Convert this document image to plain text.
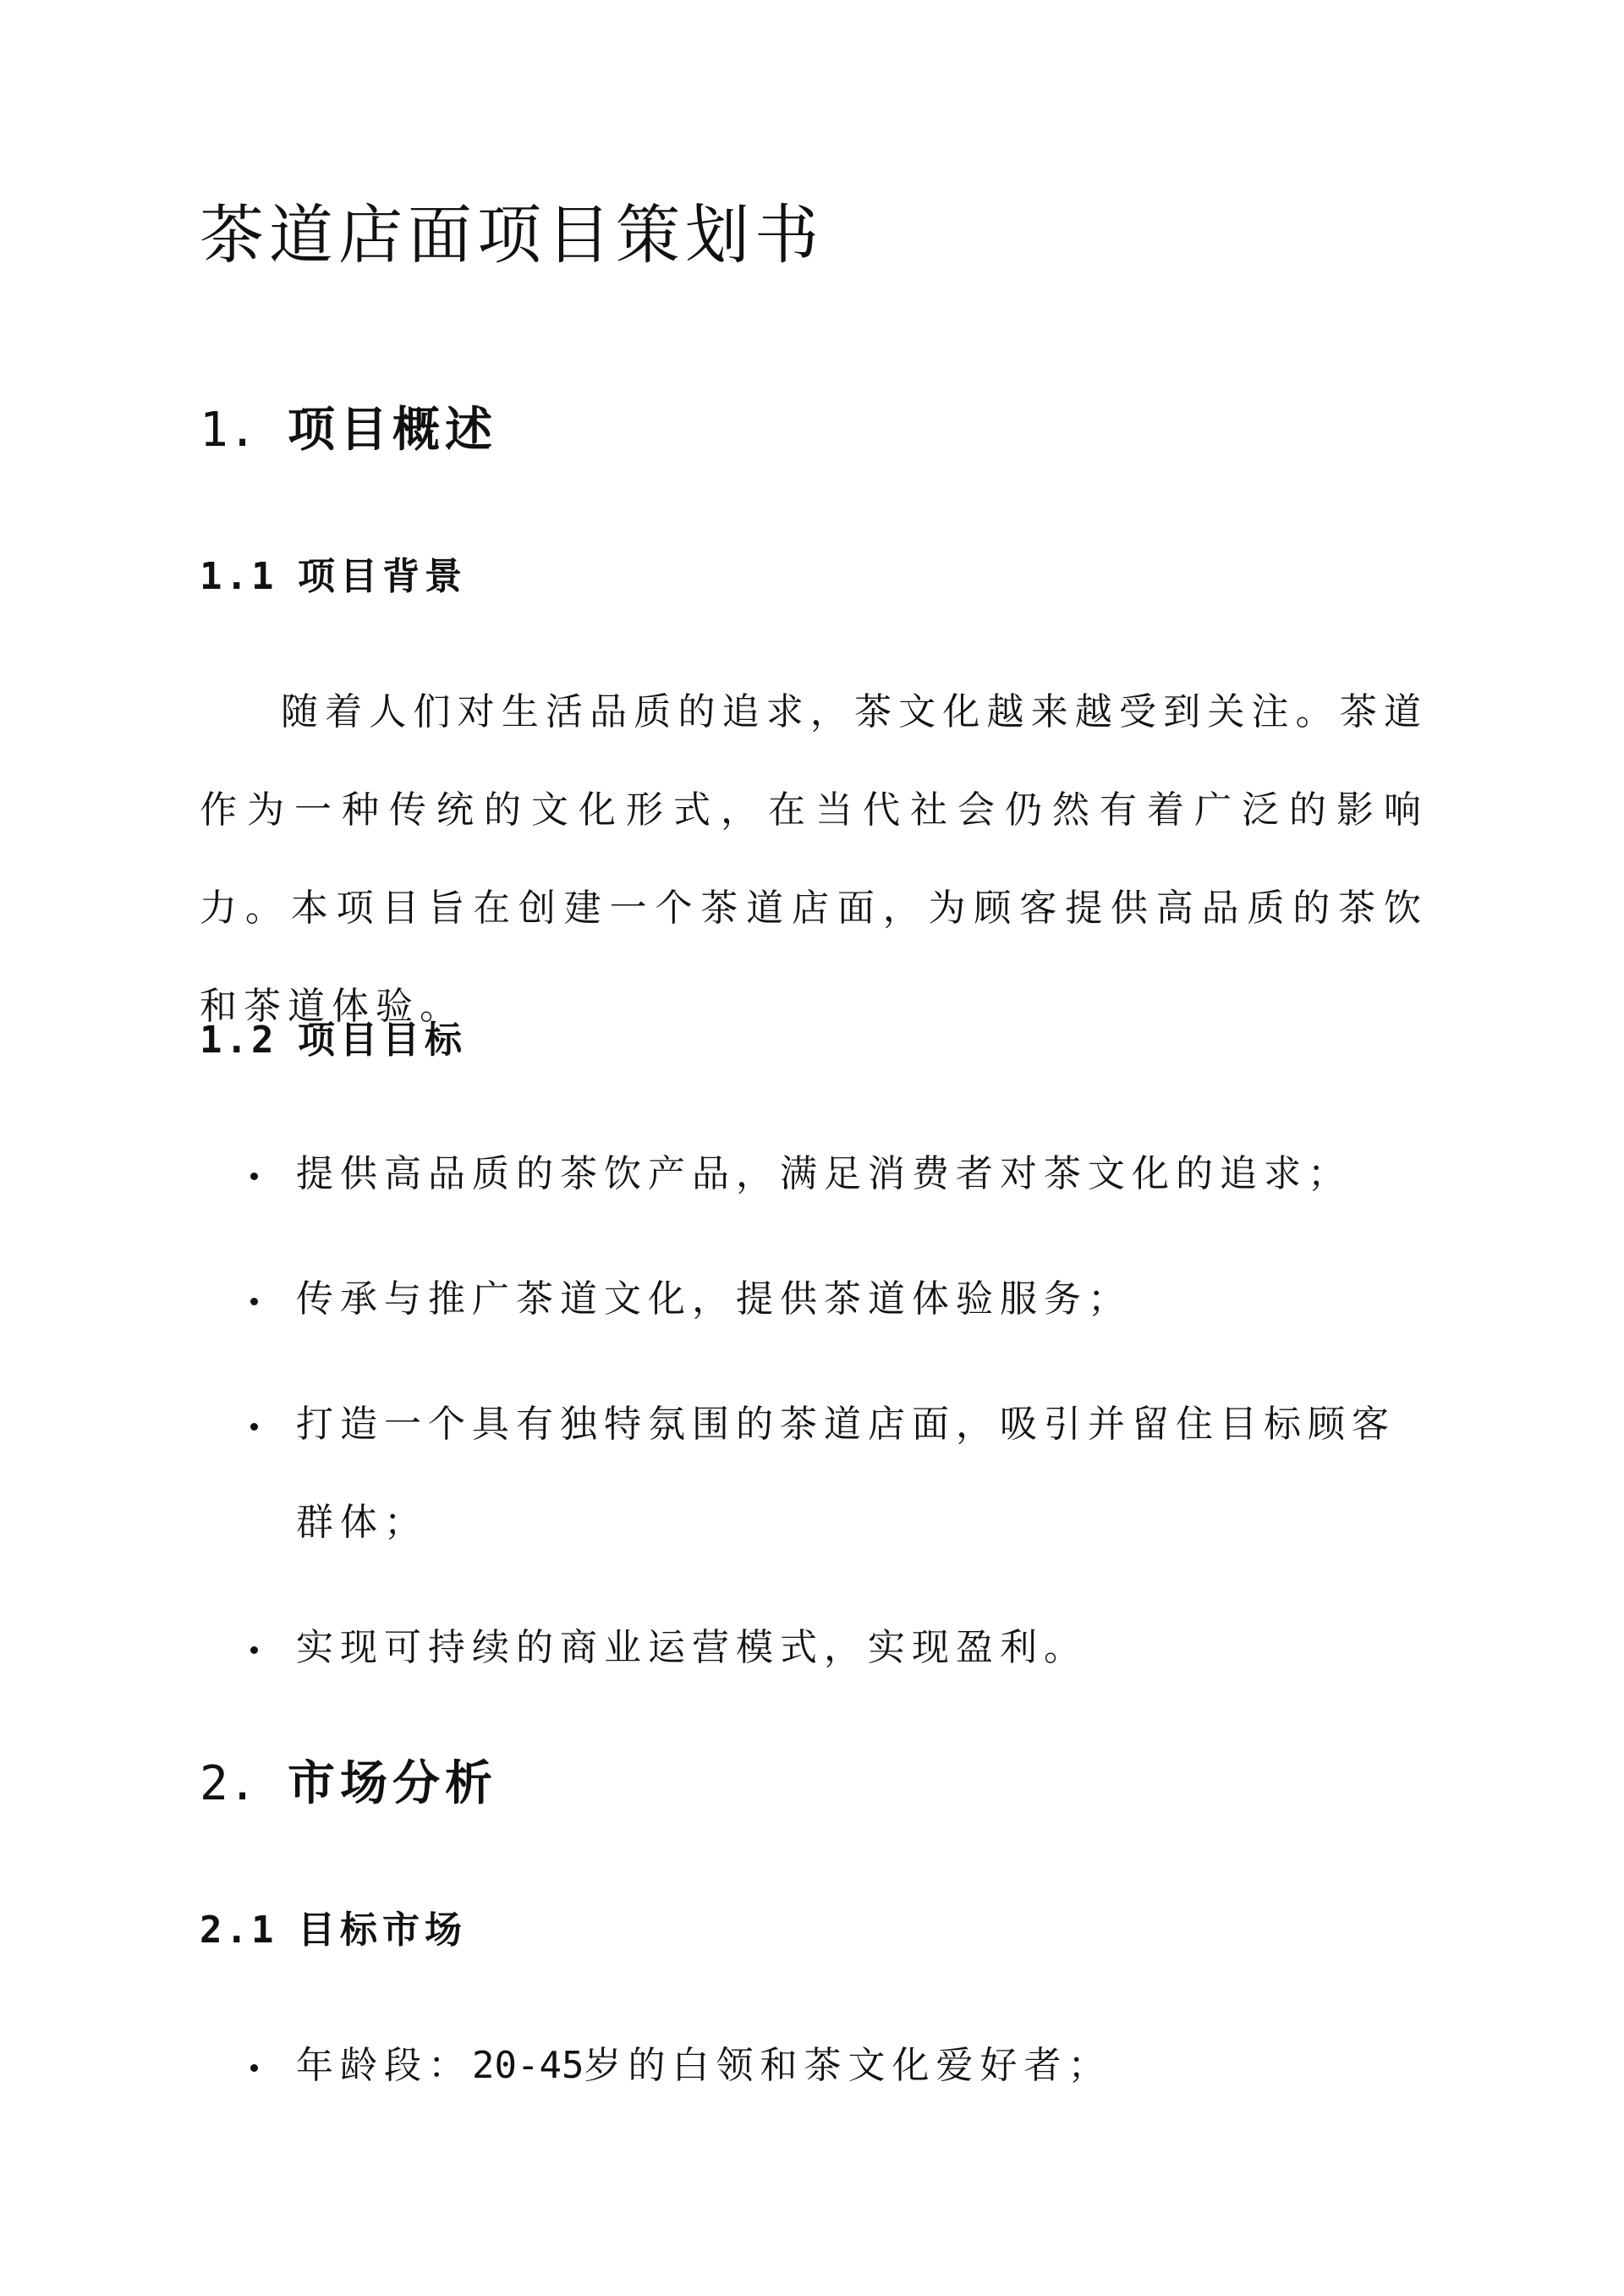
茶道店面项目策划书
1. 项目概述
1.1 项目背景

随着人们对生活品质的追求，茶文化越来越受到关注。茶道作为一种传统的文化形式，在当代社会仍然有着广泛的影响力。本项目旨在创建一个茶道店面，为顾客提供高品质的茶饮和茶道体验。

1.2 项目目标
提供高品质的茶饮产品，满足消费者对茶文化的追求；
传承与推广茶道文化，提供茶道体验服务；
打造一个具有独特氛围的茶道店面，吸引并留住目标顾客群体；
实现可持续的商业运营模式，实现盈利。
2. 市场分析
2.1 目标市场
年龄段：20-45岁的白领和茶文化爱好者；
